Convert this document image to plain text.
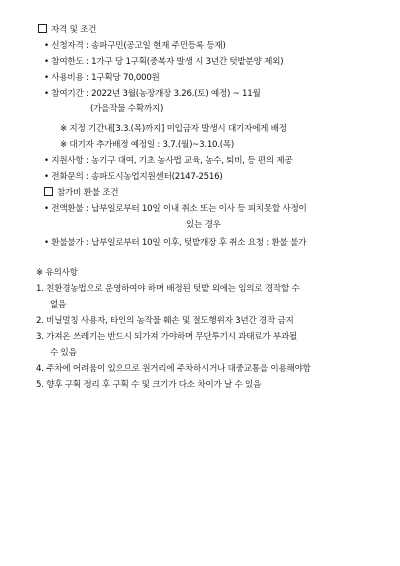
자격 및 조건
• 신청자격 : 송파구민(공고일 현재 주민등록 등재)
• 참여한도 : 1가구 당 1구획(중복자 발생 시 3년간 텃밭분양 제외)
• 사용비용 : 1구획당 70,000원
• 참여기간 : 2022년 3월(농장개장 3.26.(토) 예정) ~ 11월
(가을작물 수확까지)
※ 지정 기간내[3.3.(목)까지] 미입금자 발생시 대기자에게 배정
※ 대기자 추가배정 예정일 : 3.7.(월)~3.10.(목)
• 지원사항 : 농기구 대여, 기초 농사법 교육, 농수, 퇴비, 등 편의 제공
• 전화문의 : 송파도시농업지원센터(2147-2516)
참가비 환불 조건
• 전액환불 : 납부일로부터 10일 이내 취소 또는 이사 등 피치못할 사정이
있는 경우
• 환불불가 : 납부일로부터 10일 이후, 텃밭개장 후 취소 요청 : 환불 불가
※ 유의사항
1. 친환경농법으로 운영하여야 하며 배정된 텃밭 외에는 임의로 경작할 수
없음
2. 비닐멀칭 사용자, 타인의 농작물 훼손 및 절도행위자 3년간 경작 금지
3. 가져온 쓰레기는 반드시 되가져 가야하며 무단투기시 과태료가 부과될
수 있음
4. 주차에 어려움이 있으므로 원거리에 주차하시거나 대중교통을 이용해야함
5. 향후 구획 정리 후 구획 수 및 크기가 다소 차이가 날 수 있음
